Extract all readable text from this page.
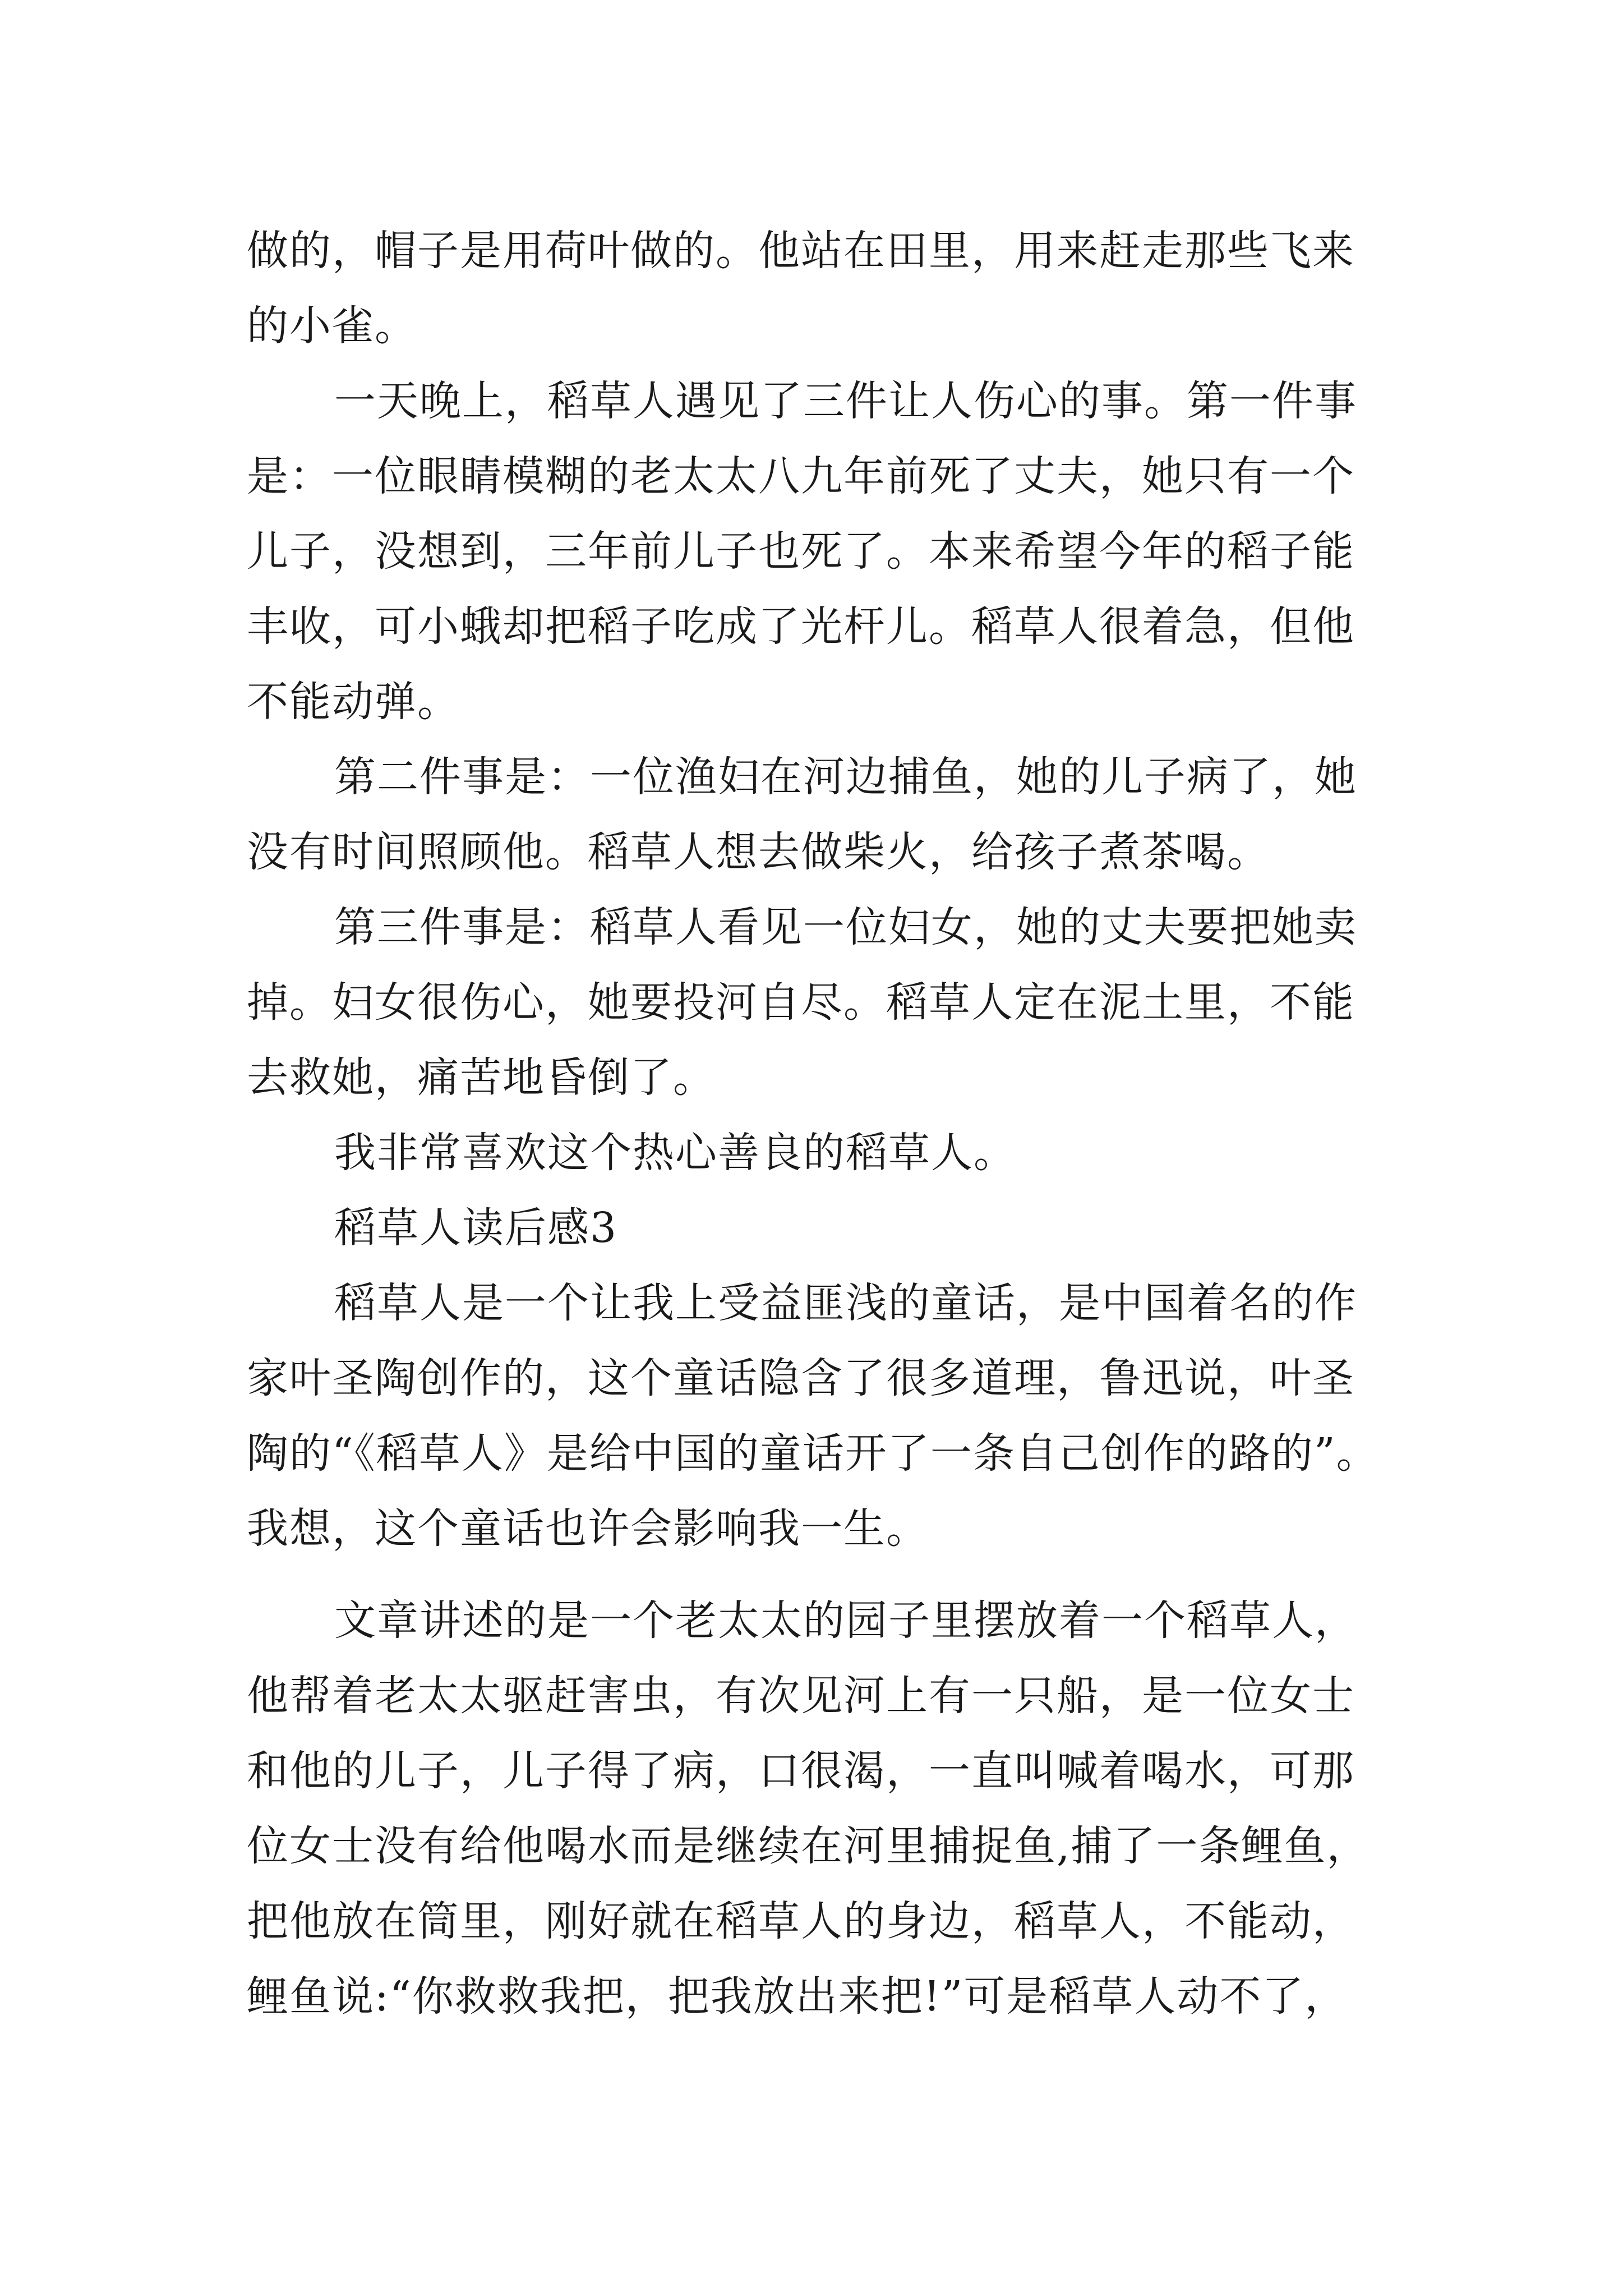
做的，帽子是用荷叶做的。他站在田里，用来赶走那些飞来
的小雀。
一天晚上，稻草人遇见了三件让人伤心的事。第一件事
是：一位眼睛模糊的老太太八九年前死了丈夫，她只有一个
儿子，没想到，三年前儿子也死了。本来希望今年的稻子能
丰收，可小蛾却把稻子吃成了光杆儿。稻草人很着急，但他
不能动弹。
第二件事是：一位渔妇在河边捕鱼，她的儿子病了，她
没有时间照顾他。稻草人想去做柴火，给孩子煮茶喝。
第三件事是：稻草人看见一位妇女，她的丈夫要把她卖
掉。妇女很伤心，她要投河自尽。稻草人定在泥土里，不能
去救她，痛苦地昏倒了。
我非常喜欢这个热心善良的稻草人。
稻草人读后感3
稻草人是一个让我上受益匪浅的童话，是中国着名的作
家叶圣陶创作的，这个童话隐含了很多道理，鲁迅说，叶圣
陶的“《稻草人》是给中国的童话开了一条自己创作的路的”。
我想，这个童话也许会影响我一生。
文章讲述的是一个老太太的园子里摆放着一个稻草人，
他帮着老太太驱赶害虫，有次见河上有一只船，是一位女士
和他的儿子，儿子得了病，口很渴，一直叫喊着喝水，可那
位女士没有给他喝水而是继续在河里捕捉鱼,捕了一条鲤鱼，
把他放在筒里，刚好就在稻草人的身边，稻草人，不能动，
鲤鱼说:“你救救我把，把我放出来把!”可是稻草人动不了，
